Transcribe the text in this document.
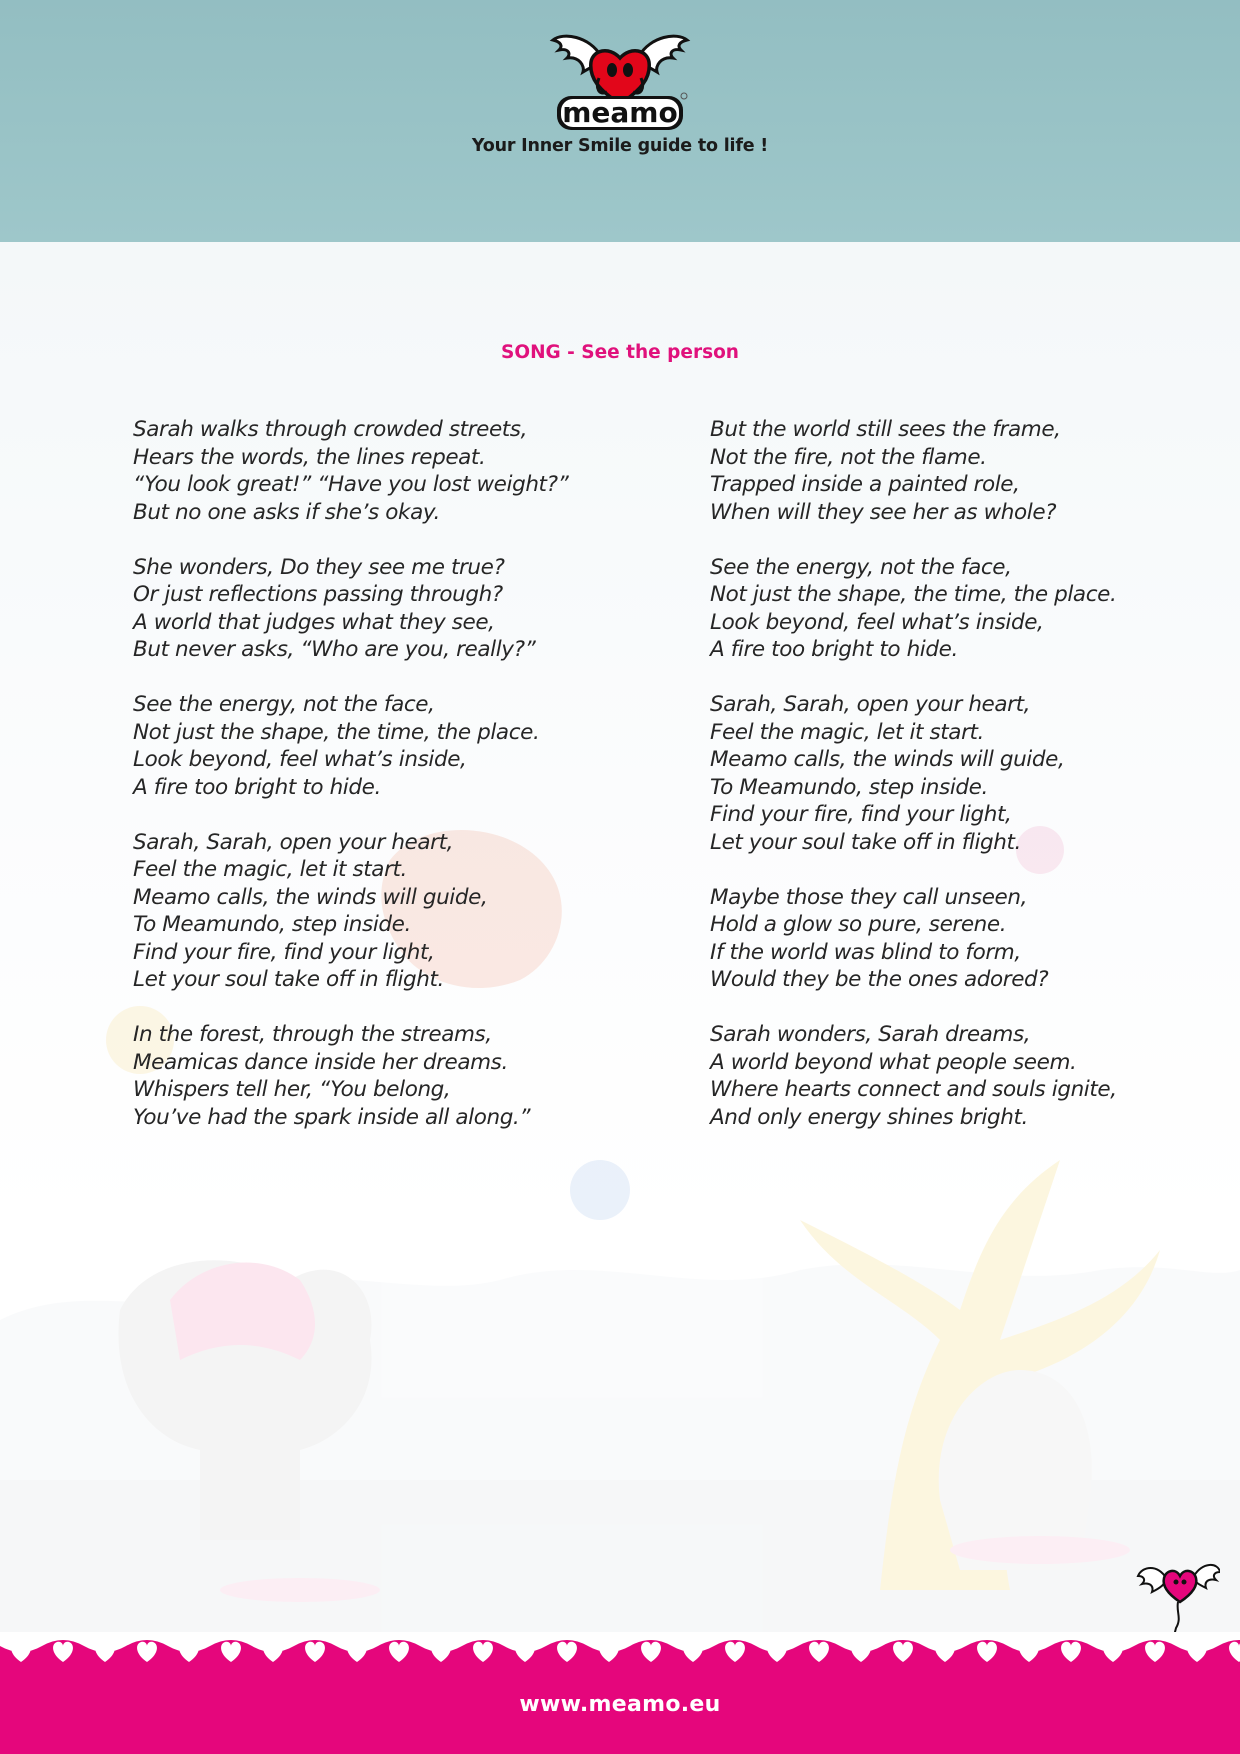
meamo
Your Inner Smile guide to life !
SONG - See the person
Sarah walks through crowded streets,
Hears the words, the lines repeat.
“You look great!” “Have you lost weight?”
But no one asks if she’s okay.
She wonders, Do they see me true?
Or just reflections passing through?
A world that judges what they see,
But never asks, “Who are you, really?”
See the energy, not the face,
Not just the shape, the time, the place.
Look beyond, feel what’s inside,
A fire too bright to hide.
Sarah, Sarah, open your heart,
Feel the magic, let it start.
Meamo calls, the winds will guide,
To Meamundo, step inside.
Find your fire, find your light,
Let your soul take off in flight.
In the forest, through the streams,
Meamicas dance inside her dreams.
Whispers tell her, “You belong,
You’ve had the spark inside all along.”
But the world still sees the frame,
Not the fire, not the flame.
Trapped inside a painted role,
When will they see her as whole?
See the energy, not the face,
Not just the shape, the time, the place.
Look beyond, feel what’s inside,
A fire too bright to hide.
Sarah, Sarah, open your heart,
Feel the magic, let it start.
Meamo calls, the winds will guide,
To Meamundo, step inside.
Find your fire, find your light,
Let your soul take off in flight.
Maybe those they call unseen,
Hold a glow so pure, serene.
If the world was blind to form,
Would they be the ones adored?
Sarah wonders, Sarah dreams,
A world beyond what people seem.
Where hearts connect and souls ignite,
And only energy shines bright.
www.meamo.eu
